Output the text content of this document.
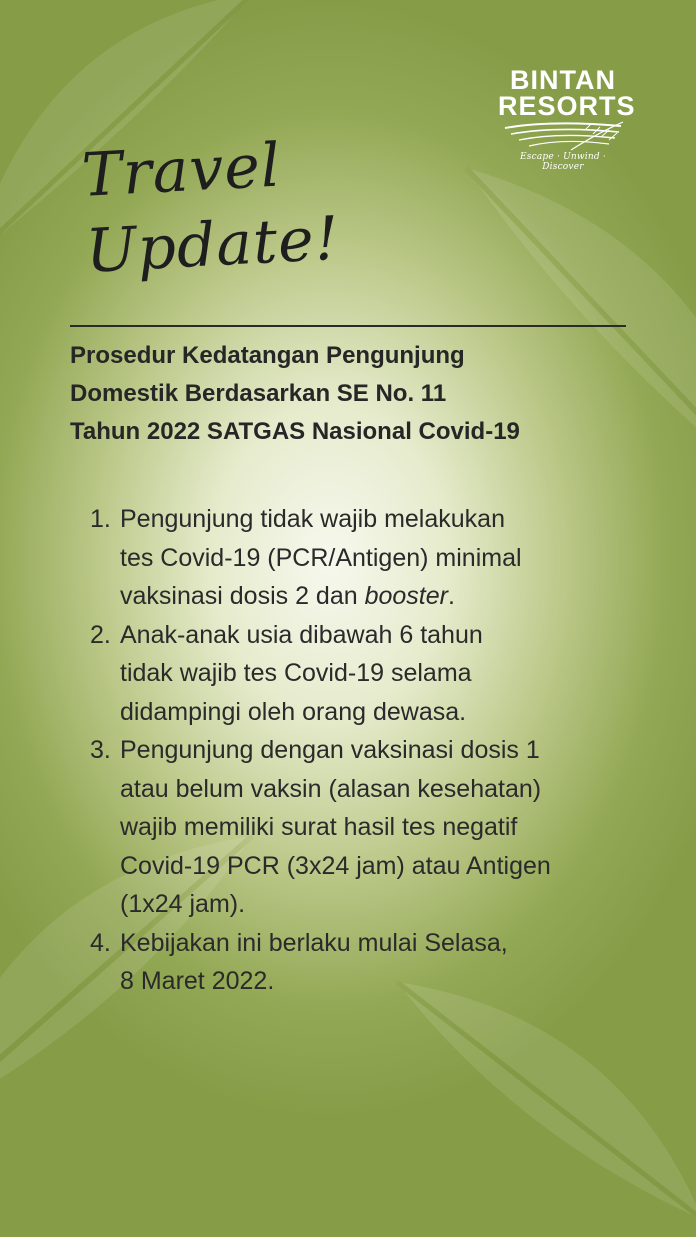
BINTAN
RESORTS
Escape · Unwind · Discover
Travel
Update!
Prosedur Kedatangan Pengunjung
Domestik Berdasarkan SE No. 11
Tahun 2022 SATGAS Nasional Covid-19
1. Pengunjung tidak wajib melakukan
tes Covid-19 (PCR/Antigen) minimal
vaksinasi dosis 2 dan booster.
2. Anak-anak usia dibawah 6 tahun
tidak wajib tes Covid-19 selama
didampingi oleh orang dewasa.
3. Pengunjung dengan vaksinasi dosis 1
atau belum vaksin (alasan kesehatan)
wajib memiliki surat hasil tes negatif
Covid-19 PCR (3x24 jam) atau Antigen
(1x24 jam).
4. Kebijakan ini berlaku mulai Selasa,
8 Maret 2022.
